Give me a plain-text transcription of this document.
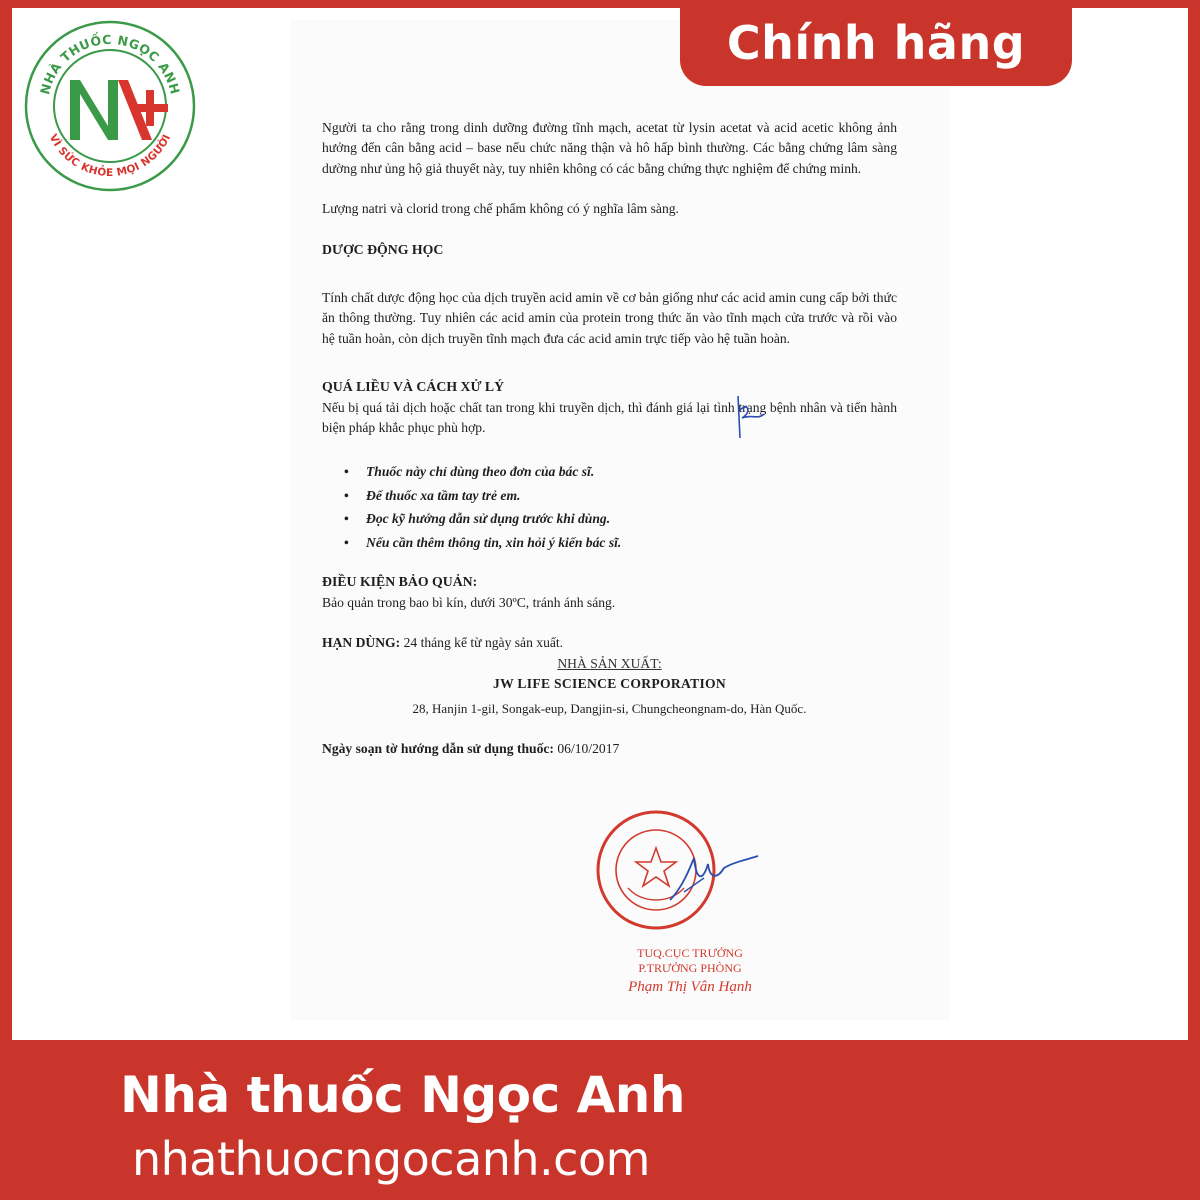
NHÀ THUỐC NGỌC ANH
VÌ SỨC KHỎE MỌI NGƯỜI
Chính hãng

Người ta cho rằng trong dinh dưỡng đường tĩnh mạch, acetat từ lysin acetat và acid acetic không ảnh hưởng đến cân bằng acid – base nếu chức năng thận và hô hấp bình thường. Các bằng chứng lâm sàng dường như ủng hộ giả thuyết này, tuy nhiên không có các bằng chứng thực nghiệm để chứng minh.

Lượng natri và clorid trong chế phẩm không có ý nghĩa lâm sàng.

DƯỢC ĐỘNG HỌC

Tính chất dược động học của dịch truyền acid amin về cơ bản giống như các acid amin cung cấp bởi thức ăn thông thường. Tuy nhiên các acid amin của protein trong thức ăn vào tĩnh mạch cửa trước và rồi vào hệ tuần hoàn, còn dịch truyền tĩnh mạch đưa các acid amin trực tiếp vào hệ tuần hoàn.

QUÁ LIỀU VÀ CÁCH XỬ LÝ

Nếu bị quá tải dịch hoặc chất tan trong khi truyền dịch, thì đánh giá lại tình trạng bệnh nhân và tiến hành biện pháp khắc phục phù hợp.

• Thuốc này chỉ dùng theo đơn của bác sĩ.
• Để thuốc xa tầm tay trẻ em.
• Đọc kỹ hướng dẫn sử dụng trước khi dùng.
• Nếu cần thêm thông tin, xin hỏi ý kiến bác sĩ.

ĐIỀU KIỆN BẢO QUẢN:

Bảo quản trong bao bì kín, dưới 30ºC, tránh ánh sáng.

HẠN DÙNG: 24 tháng kể từ ngày sản xuất.

NHÀ SẢN XUẤT:

JW LIFE SCIENCE CORPORATION

28, Hanjin 1-gil, Songak-eup, Dangjin-si, Chungcheongnam-do, Hàn Quốc.

Ngày soạn tờ hướng dẫn sử dụng thuốc: 06/10/2017

TUQ.CỤC TRƯỞNG
P.TRƯỞNG PHÒNG
Phạm Thị Vân Hạnh
Nhà thuốc Ngọc Anh
nhathuocngocanh.com
